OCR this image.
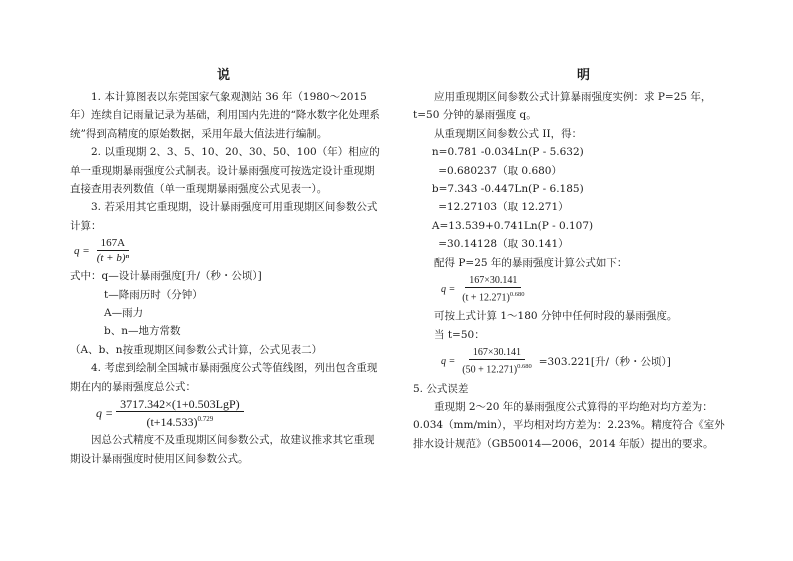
说	明

1. 本计算图表以东莞国家气象观测站 36 年（1980～2015 年）连续自记雨量记录为基础，利用国内先进的“降水数字化处理系统”得到高精度的原始数据，采用年最大值法进行编制。

2. 以重现期 2、3、5、10、20、30、50、100（年）相应的单一重现期暴雨强度公式制表。设计暴雨强度可按选定设计重现期直接查用表列数值（单一重现期暴雨强度公式见表一）。

3. 若采用其它重现期，设计暴雨强度可用重现期区间参数公式计算：

$q = \frac{167A}{\text{(t + b)ⁿ}}$

式中：q—设计暴雨强度[升/（秒・公顷）]

t—降雨历时（分钟）

A—雨力

b、n—地方常数

（A、b、n按重现期区间参数公式计算，公式见表二）

4. 考虑到绘制全国城市暴雨强度公式等值线图，列出包含重现期在内的暴雨强度总公式：

$q = \frac{\text{3717.342×(1+0.503LgP)}}{(t+14.533)^{0.729}}$

因总公式精度不及重现期区间参数公式，故建议推求其它重现期设计暴雨强度时使用区间参数公式。

应用重现期区间参数公式计算暴雨强度实例：求 P=25 年，t=50 分钟的暴雨强度 q。

从重现期区间参数公式 II，得：

n=0.781 -0.034Ln(P - 5.632)

=0.680237（取 0.680）

b=7.343 -0.447Ln(P - 6.185)

=12.27103（取 12.271）

A=13.539+0.741Ln(P - 0.107)

=30.14128（取 30.141）

配得 P=25 年的暴雨强度计算公式如下：

$q = \frac{167\times 30.141}{(t + 12.271)^{0.680}}$

可按上式计算 1～180 分钟中任何时段的暴雨强度。

当 t=50：

$q = \frac{167\times 30.141}{(50 + 12.271)^{0.680}} =303.221$[升/（秒・公顷）]

5. 公式误差

重现期 2～20 年的暴雨强度公式算得的平均绝对均方差为：0.034（mm/min），平均相对均方差为：2.23%。精度符合《室外排水设计规范》（GB50014—2006，2014 年版）提出的要求。
